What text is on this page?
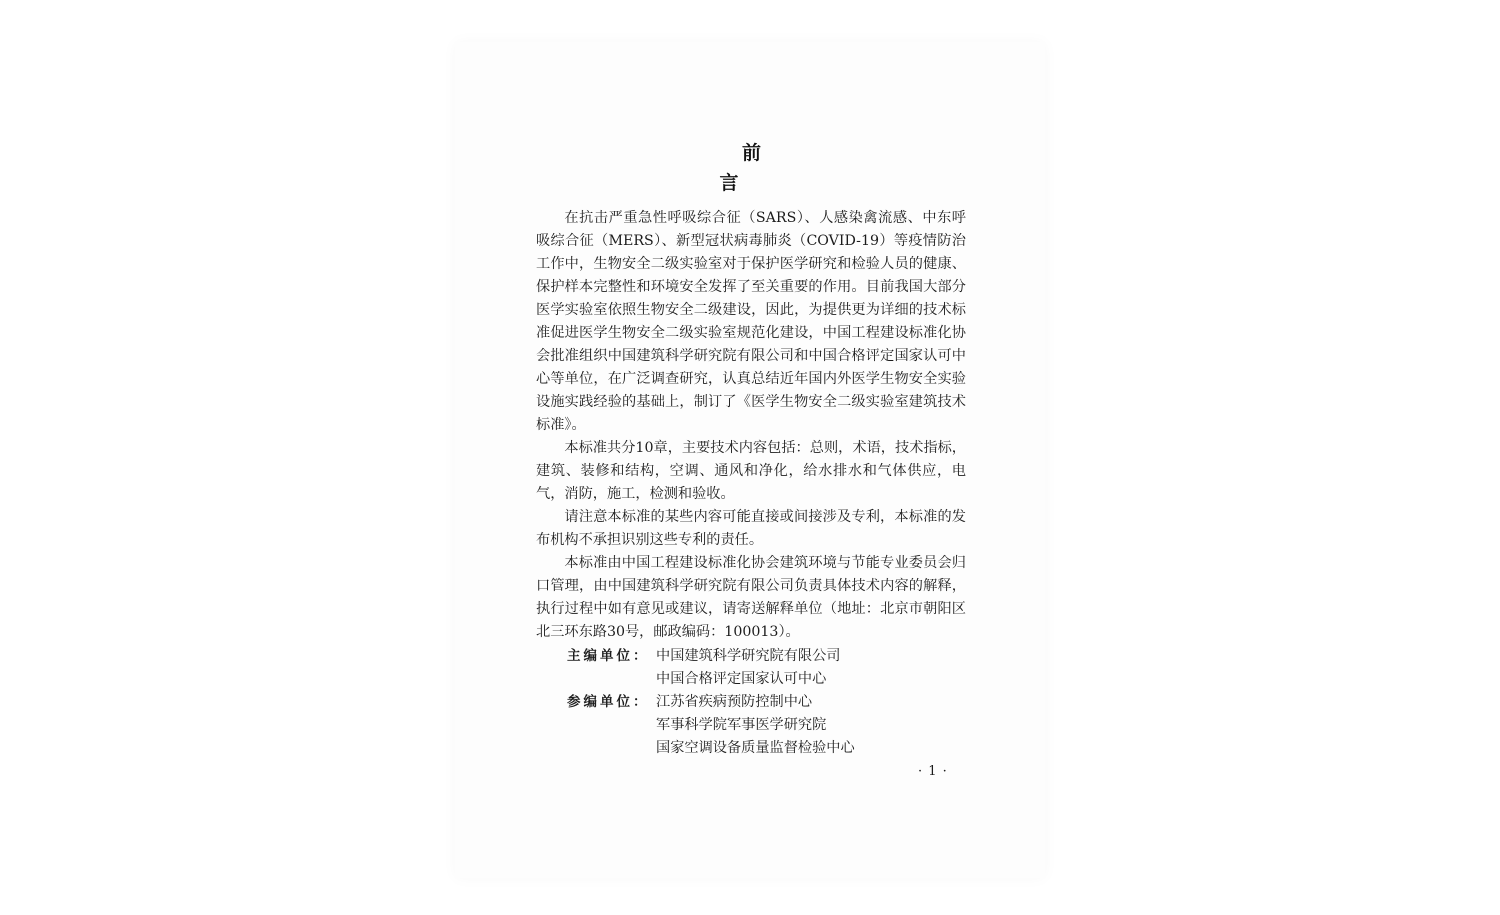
前言

在抗击严重急性呼吸综合征（SARS）、人感染禽流感、中东呼吸综合征（MERS）、新型冠状病毒肺炎（COVID-19）等疫情防治工作中，生物安全二级实验室对于保护医学研究和检验人员的健康、保护样本完整性和环境安全发挥了至关重要的作用。目前我国大部分医学实验室依照生物安全二级建设，因此，为提供更为详细的技术标准促进医学生物安全二级实验室规范化建设，中国工程建设标准化协会批准组织中国建筑科学研究院有限公司和中国合格评定国家认可中心等单位，在广泛调查研究，认真总结近年国内外医学生物安全实验设施实践经验的基础上，制订了《医学生物安全二级实验室建筑技术标准》。

本标准共分10章，主要技术内容包括：总则，术语，技术指标，建筑、装修和结构，空调、通风和净化，给水排水和气体供应，电气，消防，施工，检测和验收。

请注意本标准的某些内容可能直接或间接涉及专利，本标准的发布机构不承担识别这些专利的责任。

本标准由中国工程建设标准化协会建筑环境与节能专业委员会归口管理，由中国建筑科学研究院有限公司负责具体技术内容的解释，执行过程中如有意见或建议，请寄送解释单位（地址：北京市朝阳区北三环东路30号，邮政编码：100013）。

主编单位： 中国建筑科学研究院有限公司
中国合格评定国家认可中心
参编单位： 江苏省疾病预防控制中心
军事科学院军事医学研究院
国家空调设备质量监督检验中心
· 1 ·
